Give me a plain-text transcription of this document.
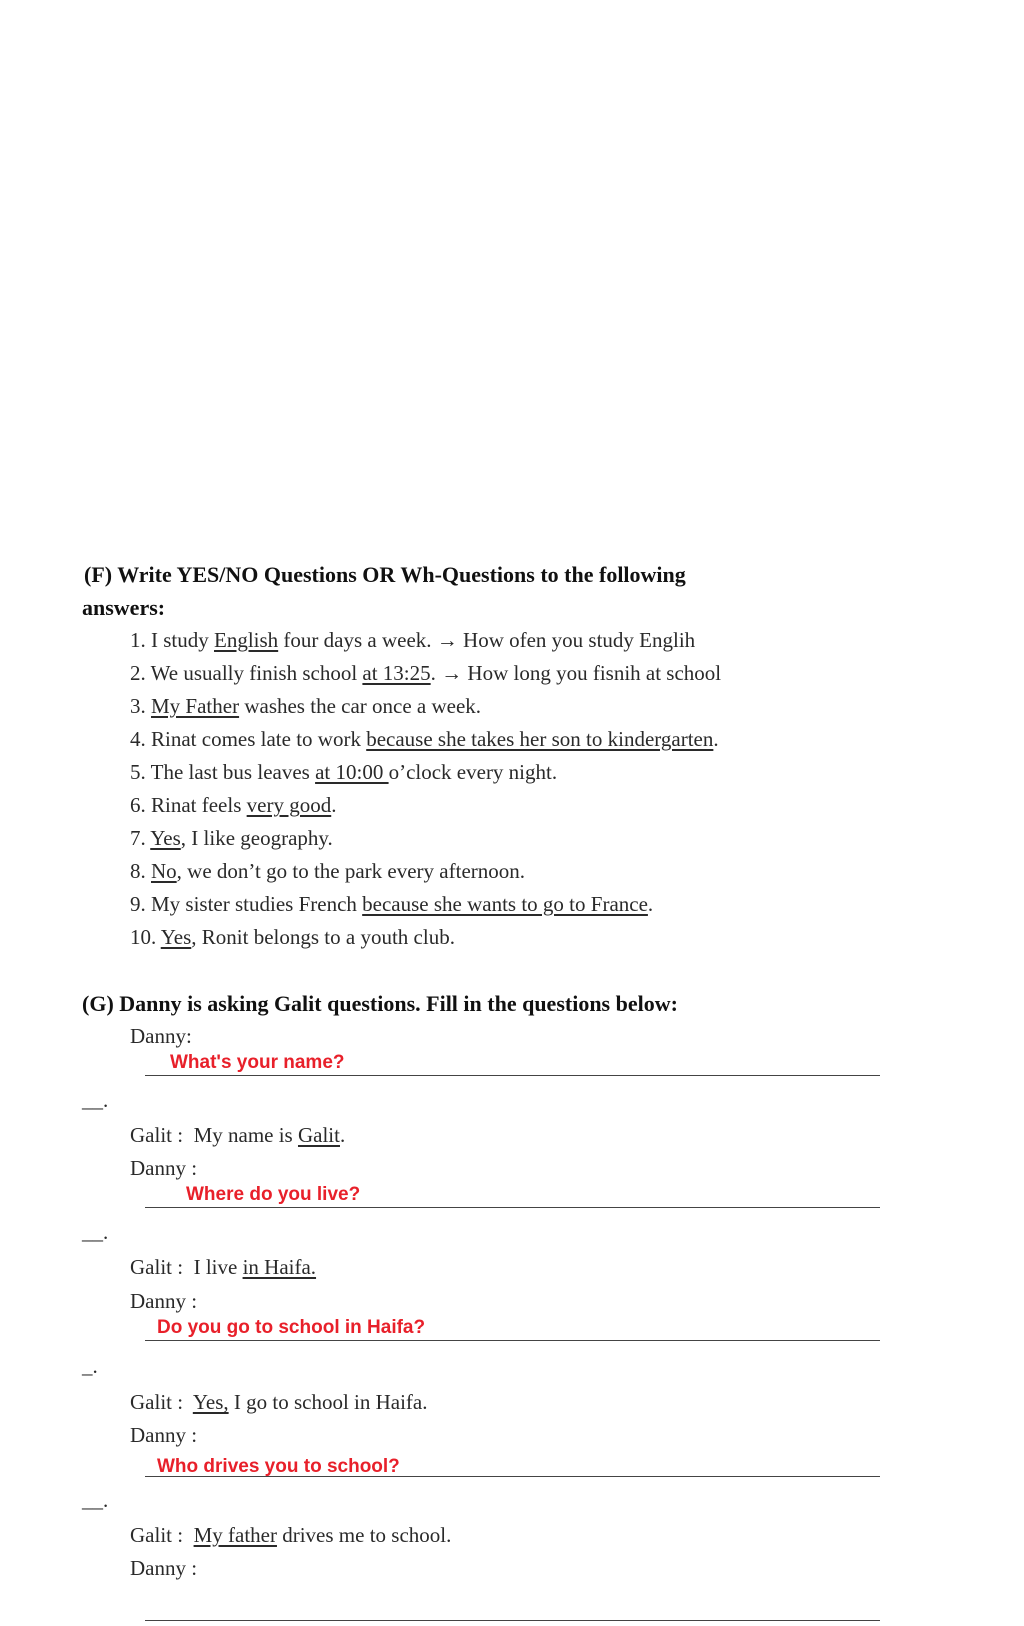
(F) Write YES/NO Questions OR Wh-Questions to the following
answers:
1. I study English four days a week. → How ofen you study Englih
2. We usually finish school at 13:25. → How long you fisnih at school
3. My Father washes the car once a week.
4. Rinat comes late to work because she takes her son to kindergarten.
5. The last bus leaves at 10:00 o’clock every night.
6. Rinat feels very good.
7. Yes, I like geography.
8. No, we don’t go to the park every afternoon.
9. My sister studies French because she wants to go to France.
10. Yes, Ronit belongs to a youth club.
(G) Danny is asking Galit questions. Fill in the questions below:
Danny:
What's your name?
__.
Galit : My name is Galit.
Danny :
Where do you live?
__.
Galit : I live in Haifa.
Danny :
Do you go to school in Haifa?
_.
Galit : Yes, I go to school in Haifa.
Danny :
Who drives you to school?
__.
Galit : My father drives me to school.
Danny :
